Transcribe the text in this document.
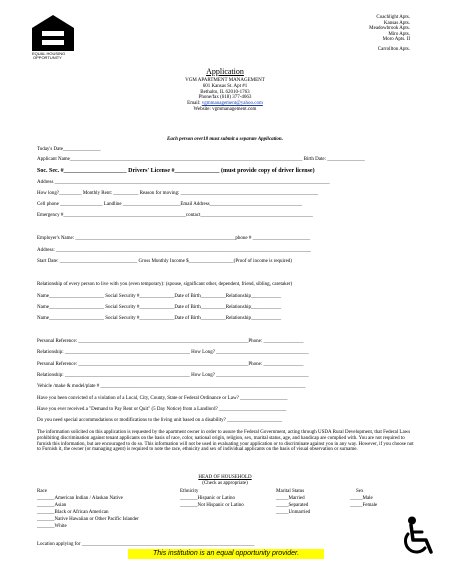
EQUAL HOUSING
OPPORTUNITY
Coachlight Apts.
Kansas Apts.
Meadowbrook Apts.
Miro Apts.
Moro Apts. II
Carrollton Apts.
Application
VGM APARTMENT MANAGEMENT
601 Kansas St. Apt #1
Bethalto, IL 62010-1763
Phone/fax (618) 377-4663
Email: vgmmanagement@yahoo.com
Website: vgmmanagement.com
Each person over18 must submit a separate Application.
Today's Date_______________
Applicant Name_____________________________________________________________________________________________ Birth Date: _______________
Soc. Sec. #_____________________ Drivers' License #_______________ (must provide copy of driver license)
Address ______________________________________________________________________________________________________________
How long?_________ Monthly Rent: __________ Reason for moving: _______________________________________________________
Cell phone _________________ Landline _______________________Email Address_____________________________________
Emergency #_________________________________________________contact_____________________________________________
Employer's Name: ________________________________________________________________phone # _______________________
Address: ______________________________________________________________________________________________________
Start Date: _______________________________ Gross Monthly Income $__________________(Proof of income is required)
Relationship of every person to live with you (even temporary): (spouse, significant other, dependent, friend, sibling, caretaker)
Name______________________ Social Security #______________Date of Birth__________Relationship____________
Name______________________ Social Security #______________Date of Birth__________Relationship____________
Name______________________ Social Security #______________Date of Birth__________Relationship____________
Personal Reference: ____________________________________________________________________Phone: ________________
Relationship: __________________________________________________ How Long? _____________________________________
Personal Reference: ____________________________________________________________________Phone: ________________
Relationship: __________________________________________________ How Long? _____________________________________
Vehicle /make & model/plate # __________________________________________________________________________________
Have you been convicted of a violation of a Local, City, County, State or Federal Ordinance or Law? ___________________
Have you ever received a "Demand to Pay Rent or Quit" (5 Day Notice) from a Landlord? ___________________________
Do you need special accommodations or modifications to the living unit based on a disability? ______________________
The information solicited on this application is requested by the apartment owner in order to assure the Federal Government, acting through USDA Rural Development, that Federal Laws prohibiting discrimination against tenant applicants on the basis of race, color, national origin, religion, sex, marital status, age, and handicap are complied with. You are not required to furnish this information, but are encouraged to do so. This information will not be used in evaluating your application or to discriminate against you in any way. However, if you choose not to Furnish it, the owner (or managing agent) is required to note the race, ethnicity and sex of individual applicants on the basis of visual observation or surname.
HEAD OF HOUSEHOLD
(Check as appropriate)
Race
_______American Indian / Alaskan Native
_______Asian
_______Black or African American
_______Native Hawaiian or Other Pacific Islander
_______White
Ethnicity
_______Hispanic or Latino
_______Not Hispanic or Latino
Marital Status
_____Married
_____Separated
_____Unmarried
Sex
_____Male
_____Female
Location applying for _____________________________________________________________________
This institution is an equal opportunity provider.
